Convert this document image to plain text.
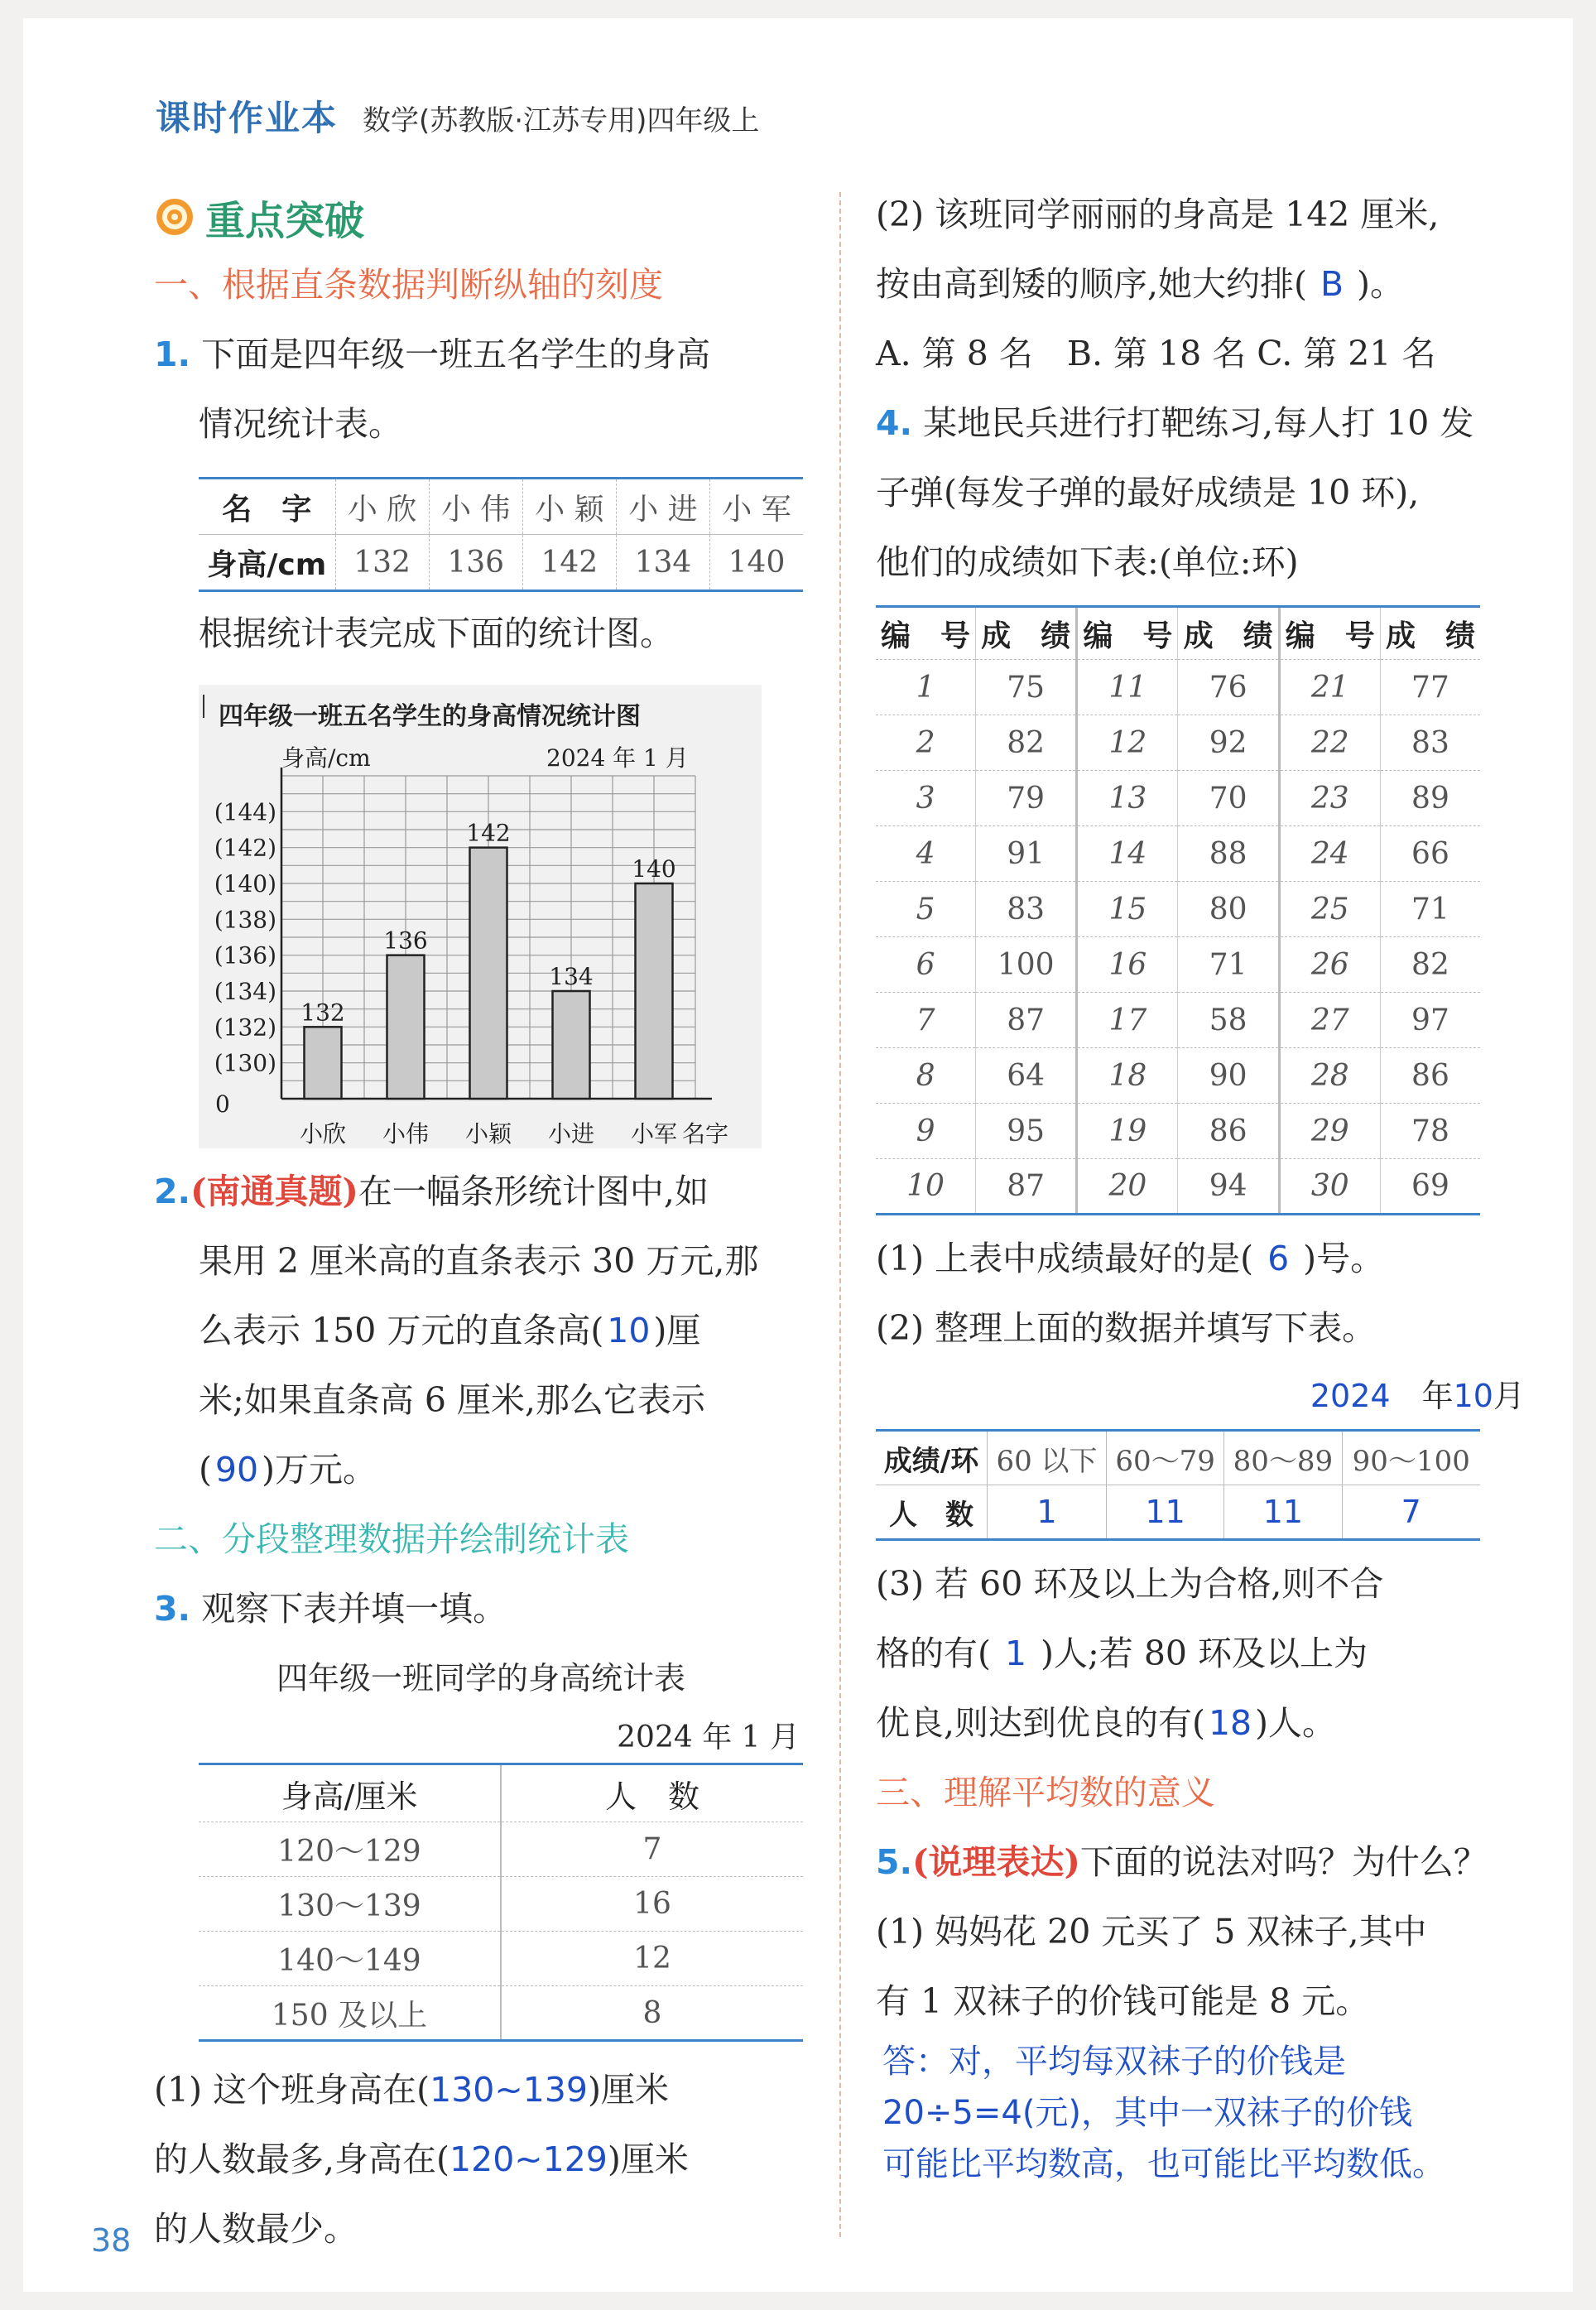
课时作业本 数学(苏教版·江苏专用)四年级上
重点突破
一、根据直条数据判断纵轴的刻度
1. 下面是四年级一班五名学生的身高
情况统计表。
名　字	小 欣	小 伟	小 颖	小 进	小 军
身高/cm	132	136	142	134	140
根据统计表完成下面的统计图。
四年级一班五名学生的身高情况统计图
身高/cm	2024 年 1 月
(144)
(142)
(140)
(138)
(136)
(134)
(132)
(130)
132
136
142
134
140
小欣 小伟 小颖 小进 小军
0
名字
2.(南通真题)在一幅条形统计图中,如
果用 2 厘米高的直条表示 30 万元,那
么表示 150 万元的直条高(10)厘
米;如果直条高 6 厘米,那么它表示
(90)万元。
二、分段整理数据并绘制统计表
3. 观察下表并填一填。
四年级一班同学的身高统计表
2024 年 1 月
身高/厘米	人　数
120～129	7
130～139	16
140～149	12
150 及以上	8
(1) 这个班身高在(130~139)厘米
的人数最多,身高在(120~129)厘米
的人数最少。
(2) 该班同学丽丽的身高是 142 厘米,
按由高到矮的顺序,她大约排( B )。
A. 第 8 名　B. 第 18 名 C. 第 21 名
4. 某地民兵进行打靶练习,每人打 10 发
子弹(每发子弹的最好成绩是 10 环),
他们的成绩如下表:(单位:环)
编　号	成　绩	编　号	成　绩	编　号	成　绩
1	75	11	76	21	77
2	82	12	92	22	83
3	79	13	70	23	89
4	91	14	88	24	66
5	83	15	80	25	71
6	100	16	71	26	82
7	87	17	58	27	97
8	64	18	90	28	86
9	95	19	86	29	78
10	87	20	94	30	69
(1) 上表中成绩最好的是( 6 )号。
(2) 整理上面的数据并填写下表。
2024　 年10月
成绩/环	60 以下	60～79	80～89	90～100
人　数	1	11	11	7
(3) 若 60 环及以上为合格,则不合
格的有( 1 )人;若 80 环及以上为
优良,则达到优良的有(18)人。
三、理解平均数的意义
5.(说理表达)下面的说法对吗？为什么？
(1) 妈妈花 20 元买了 5 双袜子,其中
有 1 双袜子的价钱可能是 8 元。
答：对，平均每双袜子的价钱是
20÷5=4(元)，其中一双袜子的价钱
可能比平均数高，也可能比平均数低。
38
